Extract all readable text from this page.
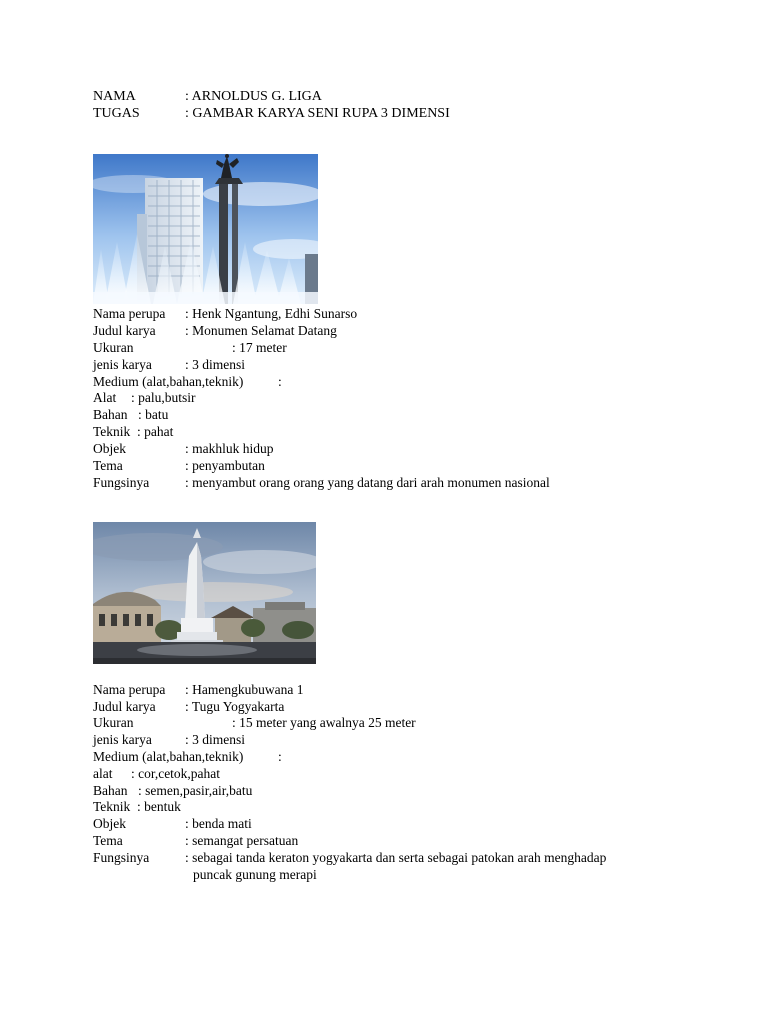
NAMA	: ARNOLDUS G. LIGA
TUGAS	: GAMBAR KARYA SENI RUPA 3 DIMENSI
Nama perupa : Henk Ngantung, Edhi Sunarso
Judul karya : Monumen Selamat Datang
Ukuran	: 17 meter
jenis karya : 3 dimensi
Medium (alat,bahan,teknik)	:
Alat : palu,butsir
Bahan : batu
Teknik : pahat
Objek	: makhluk hidup
Tema	: penyambutan
Fungsinya	: menyambut orang orang yang datang dari arah monumen nasional
Nama perupa : Hamengkubuwana 1
Judul karya : Tugu Yogyakarta
Ukuran	: 15 meter yang awalnya 25 meter
jenis karya : 3 dimensi
Medium (alat,bahan,teknik)	:
alat : cor,cetok,pahat
Bahan : semen,pasir,air,batu
Teknik : bentuk
Objek	: benda mati
Tema	: semangat persatuan
Fungsinya	: sebagai tanda keraton yogyakarta dan serta sebagai patokan arah menghadap
puncak gunung merapi
